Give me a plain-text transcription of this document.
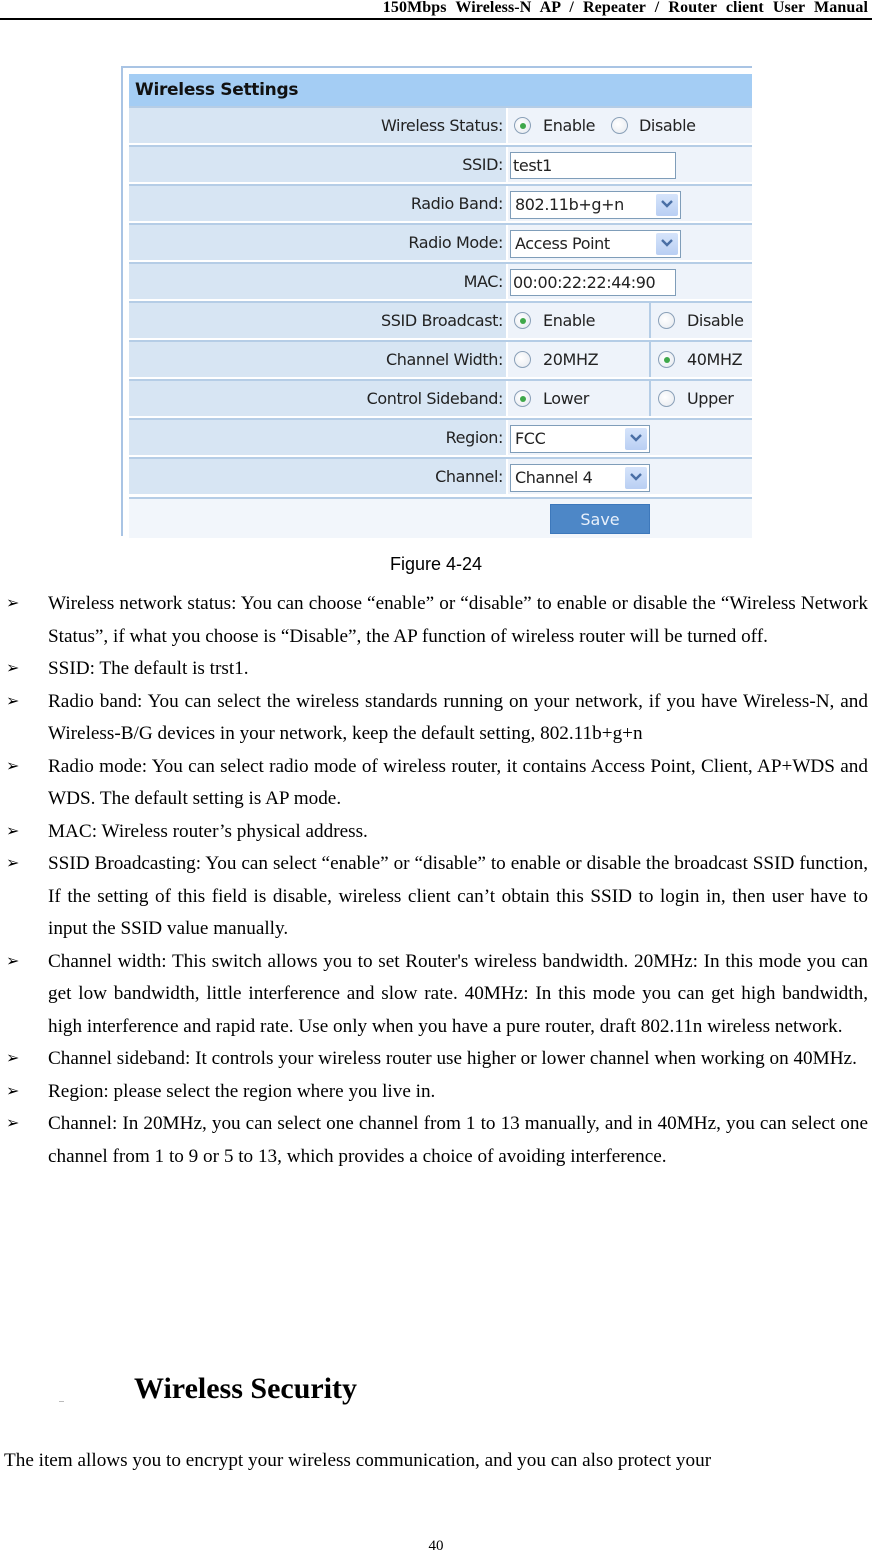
150Mbps Wireless-N AP / Repeater / Router client User Manual
Wireless Settings
Wireless Status:	Enable	Disable
SSID: test1
Radio Band: 802.11b+g+n
Radio Mode: Access Point
MAC: 00:00:22:22:44:90
SSID Broadcast:	Enable	Disable
Channel Width:	20MHZ	40MHZ
Control Sideband:	Lower	Upper
Region: FCC
Channel: Channel 4
Save
Figure 4-24
➢ Wireless network status: You can choose “enable” or “disable” to enable or disable the “Wireless Network Status”, if what you choose is “Disable”, the AP function of wireless router will be turned off.
➢ SSID: The default is trst1.
➢ Radio band: You can select the wireless standards running on your network, if you have Wireless-N, and Wireless-B/G devices in your network, keep the default setting, 802.11b+g+n
➢ Radio mode: You can select radio mode of wireless router, it contains Access Point, Client, AP+WDS and WDS. The default setting is AP mode.
➢ MAC: Wireless router’s physical address.
➢ SSID Broadcasting: You can select “enable” or “disable” to enable or disable the broadcast SSID function, If the setting of this field is disable, wireless client can’t obtain this SSID to login in, then user have to input the SSID value manually.
➢ Channel width: This switch allows you to set Router's wireless bandwidth. 20MHz: In this mode you can get low bandwidth, little interference and slow rate. 40MHz: In this mode you can get high bandwidth, high interference and rapid rate. Use only when you have a pure router, draft 802.11n wireless network.
➢ Channel sideband: It controls your wireless router use higher or lower channel when working on 40MHz.
➢ Region: please select the region where you live in.
➢ Channel: In 20MHz, you can select one channel from 1 to 13 manually, and in 40MHz, you can select one channel from 1 to 9 or 5 to 13, which provides a choice of avoiding interference.
Wireless Security
The item allows you to encrypt your wireless communication, and you can also protect your
40
